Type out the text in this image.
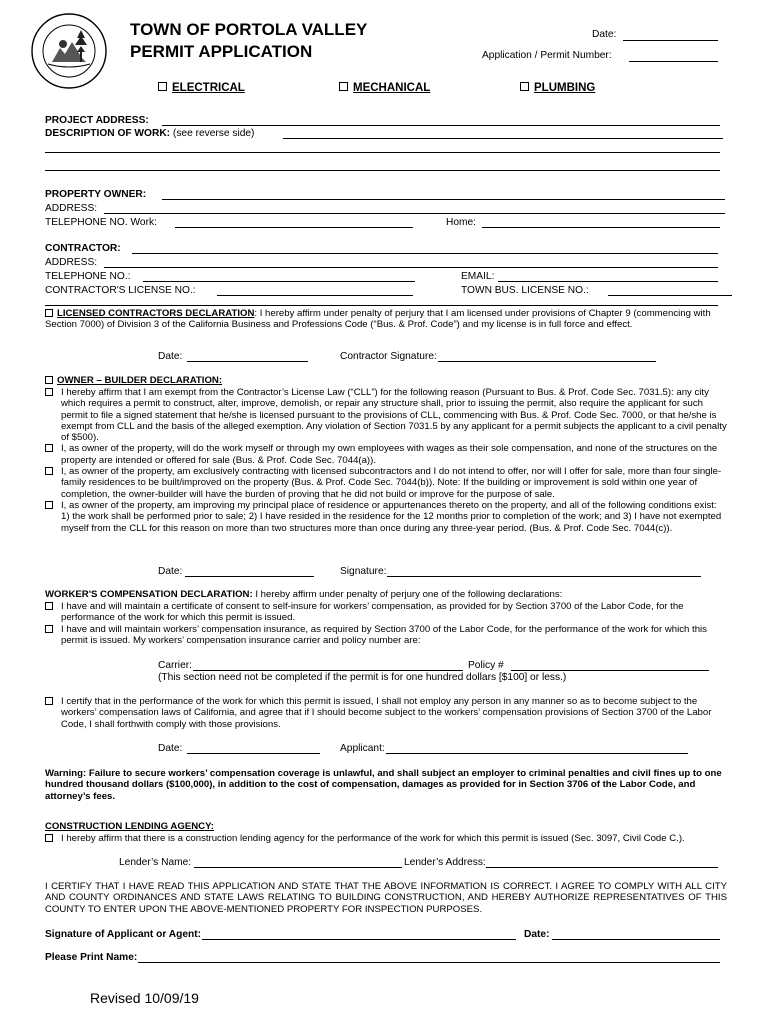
TOWN OF PORTOLA VALLEY
PERMIT APPLICATION
Date:
Application / Permit Number:
ELECTRICAL	MECHANICAL	PLUMBING
PROJECT ADDRESS:
DESCRIPTION OF WORK: (see reverse side)
PROPERTY OWNER:
ADDRESS:
TELEPHONE NO. Work:	Home:
CONTRACTOR:
ADDRESS:
TELEPHONE NO.:	EMAIL:
CONTRACTOR'S LICENSE NO.:	TOWN BUS. LICENSE NO.:
LICENSED CONTRACTORS DECLARATION: I hereby affirm under penalty of perjury that I am licensed under provisions of Chapter 9 (commencing with Section 7000) of Division 3 of the California Business and Professions Code (“Bus. & Prof. Code”) and my license is in full force and effect.
Date:	Contractor Signature:
OWNER – BUILDER DECLARATION:
I hereby affirm that I am exempt from the Contractor’s License Law (“CLL”) for the following reason (Pursuant to Bus. & Prof. Code Sec. 7031.5): any city which requires a permit to construct, alter, improve, demolish, or repair any structure shall, prior to issuing the permit, also require the applicant for such permit to file a signed statement that he/she is licensed pursuant to the provisions of CLL, commencing with Bus. & Prof. Code Sec. 7000, or that he/she is exempt from CLL and the basis of the alleged exemption. Any violation of Section 7031.5 by any applicant for a permit subjects the applicant to a civil penalty of $500).
I, as owner of the property, will do the work myself or through my own employees with wages as their sole compensation, and none of the structures on the property are intended or offered for sale (Bus. & Prof. Code Sec. 7044(a)).
I, as owner of the property, am exclusively contracting with licensed subcontractors and I do not intend to offer, nor will I offer for sale, more than four single-family residences to be built/improved on the property (Bus. & Prof. Code Sec. 7044(b)). Note: If the building or improvement is sold within one year of completion, the owner-builder will have the burden of proving that he did not build or improve for the purpose of sale.
I, as owner of the property, am improving my principal place of residence or appurtenances thereto on the property, and all of the following conditions exist: 1) the work shall be performed prior to sale; 2) I have resided in the residence for the 12 months prior to completion of the work; and 3) I have not exempted myself from the CLL for this reason on more than two structures more than once during any three-year period. (Bus. & Prof. Code Sec. 7044(c)).
Date:	Signature:
WORKER'S COMPENSATION DECLARATION: I hereby affirm under penalty of perjury one of the following declarations:
I have and will maintain a certificate of consent to self-insure for workers’ compensation, as provided for by Section 3700 of the Labor Code, for the performance of the work for which this permit is issued.
I have and will maintain workers’ compensation insurance, as required by Section 3700 of the Labor Code, for the performance of the work for which this permit is issued. My workers’ compensation insurance carrier and policy number are:
Carrier:	Policy #
(This section need not be completed if the permit is for one hundred dollars [$100] or less.)
I certify that in the performance of the work for which this permit is issued, I shall not employ any person in any manner so as to become subject to the workers’ compensation laws of California, and agree that if I should become subject to the workers’ compensation provisions of Section 3700 of the Labor Code, I shall forthwith comply with those provisions.
Date:	Applicant:
Warning: Failure to secure workers’ compensation coverage is unlawful, and shall subject an employer to criminal penalties and civil fines up to one hundred thousand dollars ($100,000), in addition to the cost of compensation, damages as provided for in Section 3706 of the Labor Code, and attorney’s fees.
CONSTRUCTION LENDING AGENCY:
I hereby affirm that there is a construction lending agency for the performance of the work for which this permit is issued (Sec. 3097, Civil Code C.).
Lender’s Name:	Lender’s Address:
I CERTIFY THAT I HAVE READ THIS APPLICATION AND STATE THAT THE ABOVE INFORMATION IS CORRECT. I AGREE TO COMPLY WITH ALL CITY AND COUNTY ORDINANCES AND STATE LAWS RELATING TO BUILDING CONSTRUCTION, AND HEREBY AUTHORIZE REPRESENTATIVES OF THIS COUNTY TO ENTER UPON THE ABOVE-MENTIONED PROPERTY FOR INSPECTION PURPOSES.
Signature of Applicant or Agent:	Date:
Please Print Name:
Revised 10/09/19
